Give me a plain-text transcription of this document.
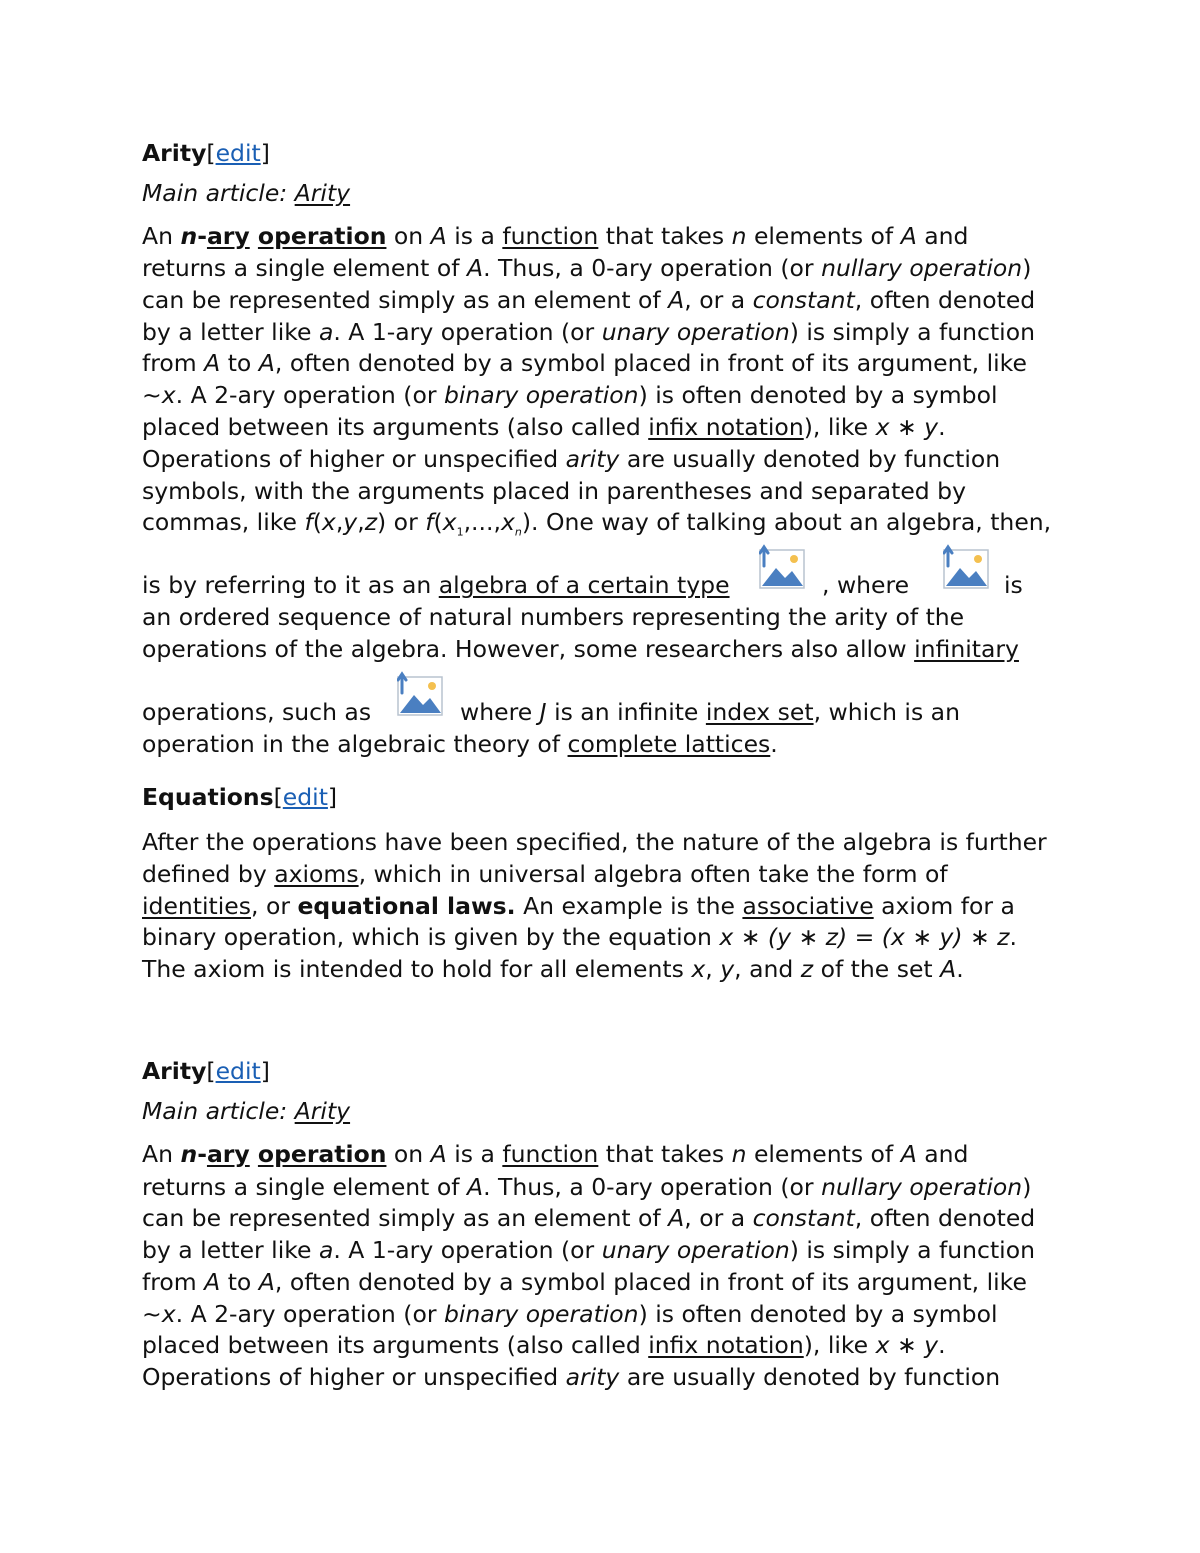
Arity[edit]
Main article: Arity
An n-ary operation on A is a function that takes n elements of A and
returns a single element of A. Thus, a 0-ary operation (or nullary operation)
can be represented simply as an element of A, or a constant, often denoted
by a letter like a. A 1-ary operation (or unary operation) is simply a function
from A to A, often denoted by a symbol placed in front of its argument, like
~x. A 2-ary operation (or binary operation) is often denoted by a symbol
placed between its arguments (also called infix notation), like x ∗ y.
Operations of higher or unspecified arity are usually denoted by function
symbols, with the arguments placed in parentheses and separated by
commas, like f(x,y,z) or $f(x_1,...,x_n)$. One way of talking about an algebra, then,
is by referring to it as an algebra of a certain type	, where	is
an ordered sequence of natural numbers representing the arity of the
operations of the algebra. However, some researchers also allow infinitary
operations, such as	where J is an infinite index set, which is an
operation in the algebraic theory of complete lattices.
Equations[edit]
After the operations have been specified, the nature of the algebra is further
defined by axioms, which in universal algebra often take the form of
identities, or equational laws. An example is the associative axiom for a
binary operation, which is given by the equation x ∗ (y ∗ z) = (x ∗ y) ∗ z.
The axiom is intended to hold for all elements x, y, and z of the set A.
Arity[edit]
Main article: Arity
An n-ary operation on A is a function that takes n elements of A and
returns a single element of A. Thus, a 0-ary operation (or nullary operation)
can be represented simply as an element of A, or a constant, often denoted
by a letter like a. A 1-ary operation (or unary operation) is simply a function
from A to A, often denoted by a symbol placed in front of its argument, like
~x. A 2-ary operation (or binary operation) is often denoted by a symbol
placed between its arguments (also called infix notation), like x ∗ y.
Operations of higher or unspecified arity are usually denoted by function
